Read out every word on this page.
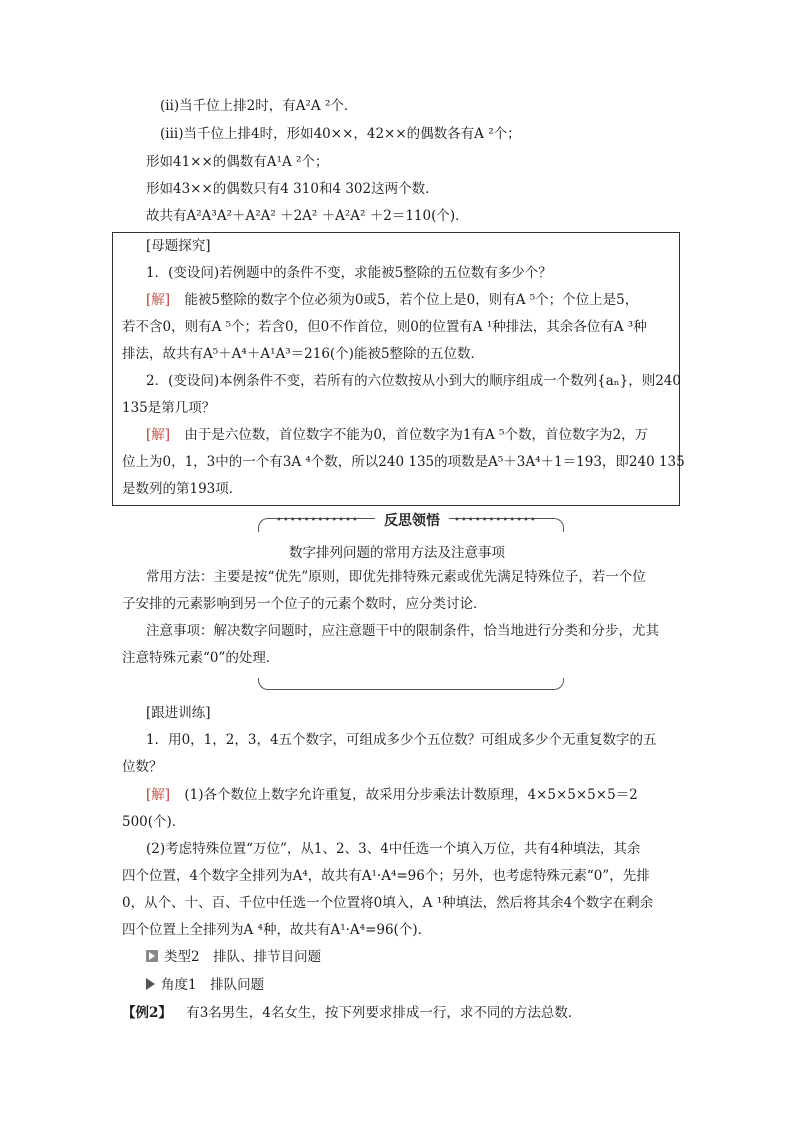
(ⅱ)当千位上排2时，有A²A ²个．
(ⅲ)当千位上排4时，形如40××，42××的偶数各有A ²个；
形如41××的偶数有A¹A ²个；
形如43××的偶数只有4 310和4 302这两个数．
故共有A²A³A²＋A²A² ＋2A² ＋A²A² ＋2＝110(个)．
[母题探究]
1．(变设问)若例题中的条件不变，求能被5整除的五位数有多少个？
[解] 能被5整除的数字个位必须为0或5，若个位上是0，则有A ⁵个；个位上是5，
若不含0，则有A ⁵个；若含0，但0不作首位，则0的位置有A ¹种排法，其余各位有A ³种
排法，故共有A⁵＋A⁴＋A¹A³＝216(个)能被5整除的五位数．
2．(变设问)本例条件不变，若所有的六位数按从小到大的顺序组成一个数列{aₙ}，则240
135是第几项？
[解] 由于是六位数，首位数字不能为0，首位数字为1有A ⁵个数，首位数字为2，万
位上为0，1，3中的一个有3A ⁴个数，所以240 135的项数是A⁵＋3A⁴＋1＝193，即240 135
是数列的第193项．
••••••••••••	••••••••••••
反思领悟
数字排列问题的常用方法及注意事项
常用方法：主要是按“优先”原则，即优先排特殊元素或优先满足特殊位子，若一个位
子安排的元素影响到另一个位子的元素个数时，应分类讨论．
注意事项：解决数字问题时，应注意题干中的限制条件，恰当地进行分类和分步，尤其
注意特殊元素“0”的处理．
[跟进训练]
1．用0，1，2，3，4五个数字，可组成多少个五位数？可组成多少个无重复数字的五
位数？
[解] (1)各个数位上数字允许重复，故采用分步乘法计数原理，4×5×5×5×5＝2
500(个)．
(2)考虑特殊位置“万位”，从1、2、3、4中任选一个填入万位，共有4种填法，其余
四个位置，4个数字全排列为A⁴，故共有A¹·A⁴=96个；另外，也考虑特殊元素“0”，先排
0，从个、十、百、千位中任选一个位置将0填入，A ¹种填法，然后将其余4个数字在剩余
四个位置上全排列为A ⁴种，故共有A¹·A⁴=96(个)．
类型2　排队、排节目问题
角度1　排队问题
【例2】 有3名男生，4名女生，按下列要求排成一行，求不同的方法总数．
